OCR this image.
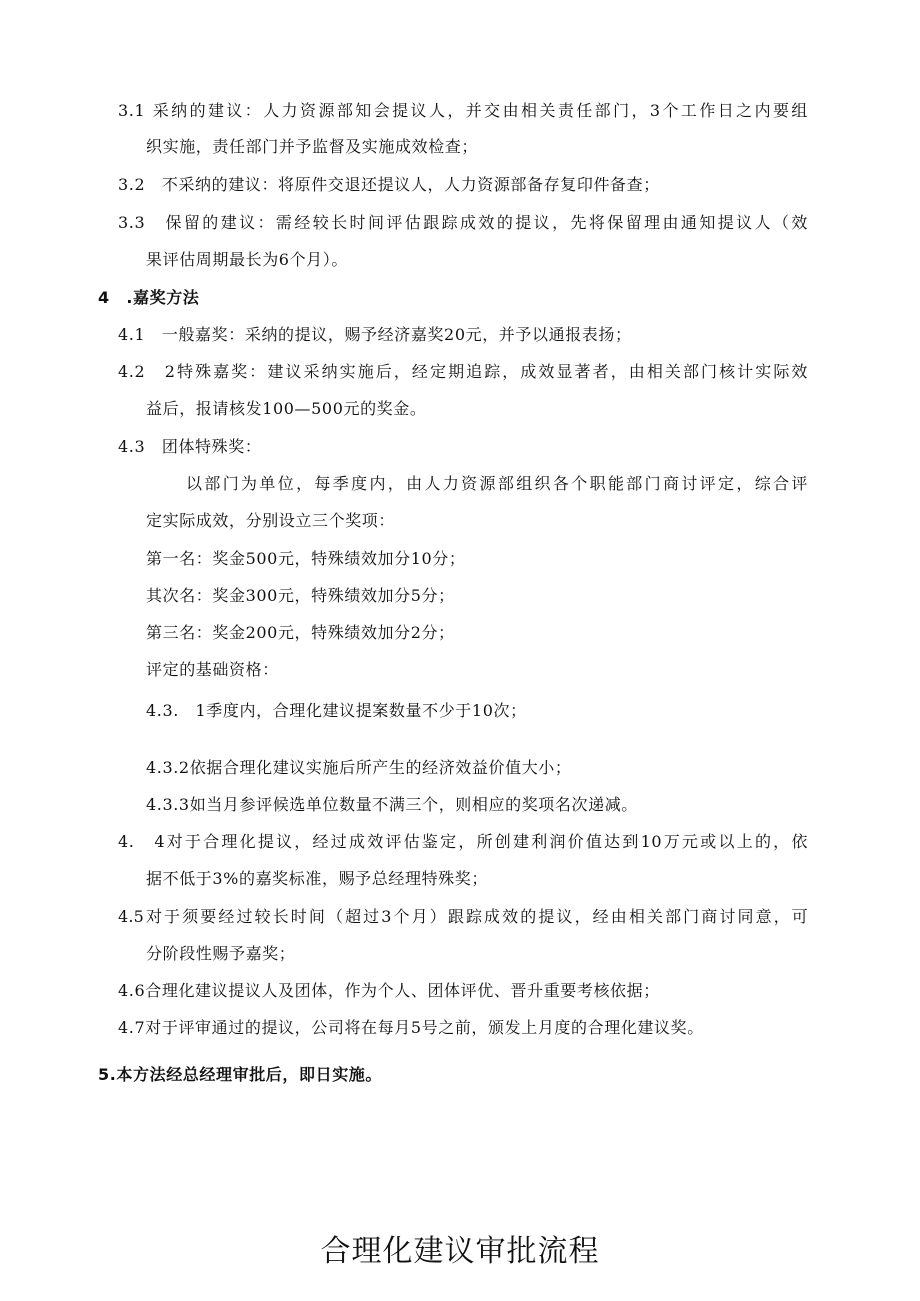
3.1 采纳的建议：人力资源部知会提议人，并交由相关责任部门，3个工作日之内要组
织实施，责任部门并予监督及实施成效检查；
3.2　不采纳的建议：将原件交退还提议人，人力资源部备存复印件备查；
3.3　保留的建议：需经较长时间评估跟踪成效的提议，先将保留理由通知提议人（效
果评估周期最长为6个月）。
4　.嘉奖方法
4.1　一般嘉奖：采纳的提议，赐予经济嘉奖20元，并予以通报表扬；
4.2　2特殊嘉奖：建议采纳实施后，经定期追踪，成效显著者，由相关部门核计实际效
益后，报请核发100—500元的奖金。
4.3　团体特殊奖：
以部门为单位，每季度内，由人力资源部组织各个职能部门商讨评定，综合评
定实际成效，分别设立三个奖项：
第一名：奖金500元，特殊绩效加分10分；
其次名：奖金300元，特殊绩效加分5分；
第三名：奖金200元，特殊绩效加分2分；
评定的基础资格：
4.3.　1季度内，合理化建议提案数量不少于10次；
4.3.2依据合理化建议实施后所产生的经济效益价值大小；
4.3.3如当月参评候选单位数量不满三个，则相应的奖项名次递减。
4.　4对于合理化提议，经过成效评估鉴定，所创建利润价值达到10万元或以上的，依
据不低于3%的嘉奖标准，赐予总经理特殊奖；
4.5对于须要经过较长时间（超过3个月）跟踪成效的提议，经由相关部门商讨同意，可
分阶段性赐予嘉奖；
4.6合理化建议提议人及团体，作为个人、团体评优、晋升重要考核依据；
4.7对于评审通过的提议，公司将在每月5号之前，颁发上月度的合理化建议奖。
5.本方法经总经理审批后，即日实施。
合理化建议审批流程
